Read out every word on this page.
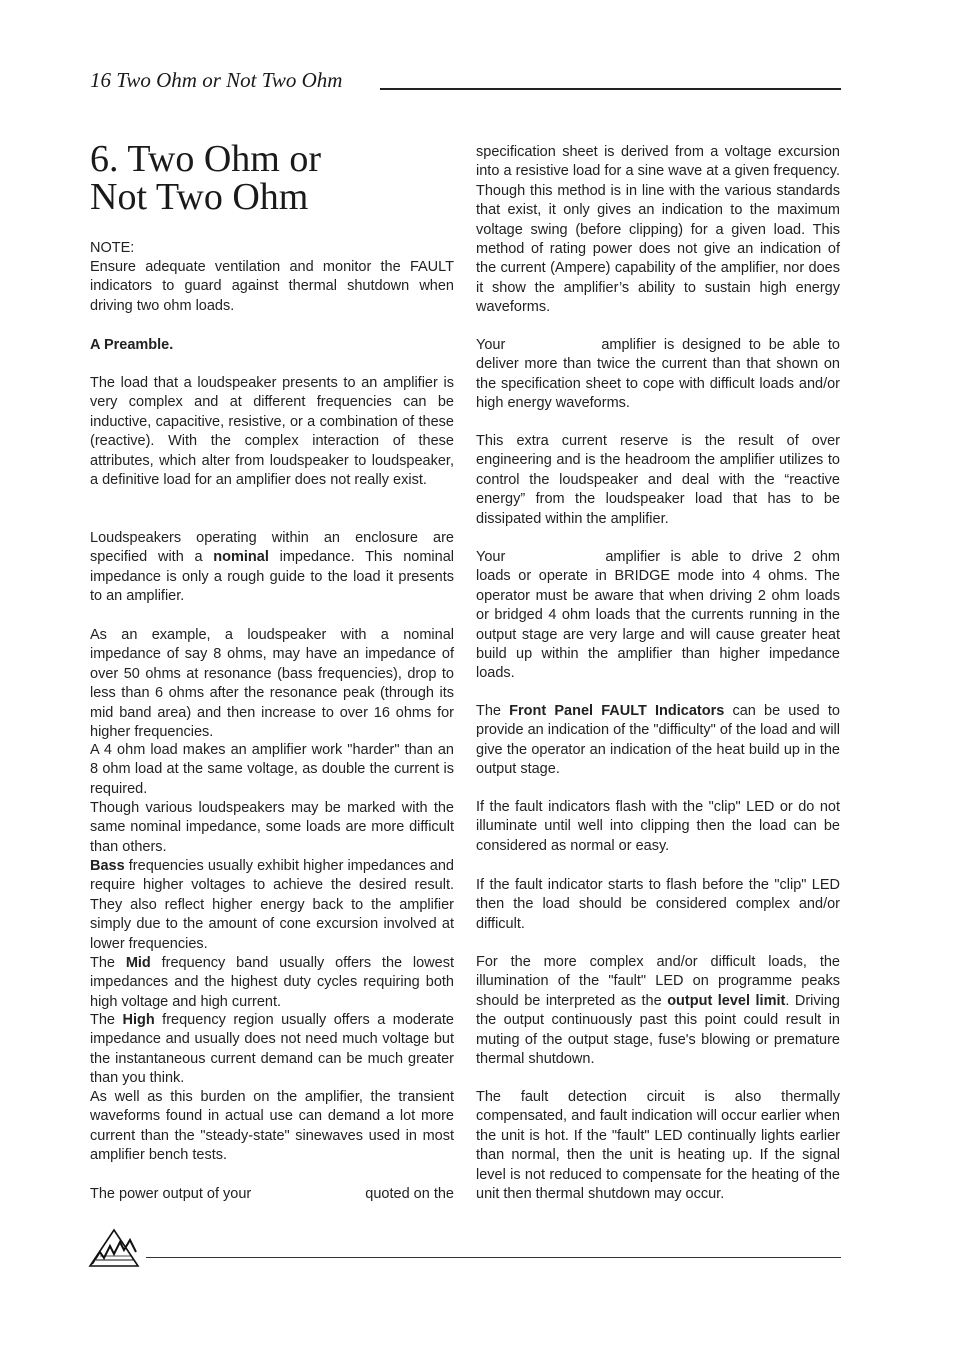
16 Two Ohm or Not Two Ohm
6. Two Ohm or
Not Two Ohm

NOTE:

Ensure adequate ventilation and monitor the FAULT indicators to guard against thermal shutdown when driving two ohm loads.

A Preamble.

The load that a loudspeaker presents to an amplifier is very complex and at different frequencies can be inductive, capacitive, resistive, or a combination of these (reactive). With the complex interaction of these attributes, which alter from loudspeaker to loudspeaker, a definitive load for an amplifier does not really exist.

Loudspeakers operating within an enclosure are specified with a nominal impedance. This nominal impedance is only a rough guide to the load it presents to an amplifier.

As an example, a loudspeaker with a nominal impedance of say 8 ohms, may have an impedance of over 50 ohms at resonance (bass frequencies), drop to less than 6 ohms after the resonance peak (through its mid band area) and then increase to over 16 ohms for higher frequencies.

A 4 ohm load makes an amplifier work "harder" than an 8 ohm load at the same voltage, as double the current is required.

Though various loudspeakers may be marked with the same nominal impedance, some loads are more difficult than others.

Bass frequencies usually exhibit higher impedances and require higher voltages to achieve the desired result. They also reflect higher energy back to the amplifier simply due to the amount of cone excursion involved at lower frequencies.

The Mid frequency band usually offers the lowest impedances and the highest duty cycles requiring both high voltage and high current.

The High frequency region usually offers a moderate impedance and usually does not need much voltage but the instantaneous current demand can be much greater than you think.

As well as this burden on the amplifier, the transient waveforms found in actual use can demand a lot more current than the "steady-state" sinewaves used in most amplifier bench tests.

The power output of your	quoted on the

specification sheet is derived from a voltage excursion into a resistive load for a sine wave at a given frequency. Though this method is in line with the various standards that exist, it only gives an indication to the maximum voltage swing (before clipping) for a given load. This method of rating power does not give an indication of the current (Ampere) capability of the amplifier, nor does it show the amplifier’s ability to sustain high energy waveforms.

Your	amplifier is designed to be able to deliver more than twice the current than that shown on the specification sheet to cope with difficult loads and/or high energy waveforms.

This extra current reserve is the result of over engineering and is the headroom the amplifier utilizes to control the loudspeaker and deal with the “reactive energy” from the loudspeaker load that has to be dissipated within the amplifier.

Your	amplifier is able to drive 2 ohm loads or operate in BRIDGE mode into 4 ohms. The operator must be aware that when driving 2 ohm loads or bridged 4 ohm loads that the currents running in the output stage are very large and will cause greater heat build up within the amplifier than higher impedance loads.

The Front Panel FAULT Indicators can be used to provide an indication of the "difficulty" of the load and will give the operator an indication of the heat build up in the output stage.

If the fault indicators flash with the "clip" LED or do not illuminate until well into clipping then the load can be considered as normal or easy.

If the fault indicator starts to flash before the "clip" LED then the load should be considered complex and/or difficult.

For the more complex and/or difficult loads, the illumination of the "fault" LED on programme peaks should be interpreted as the output level limit. Driving the output continuously past this point could result in muting of the output stage, fuse's blowing or premature thermal shutdown.

The fault detection circuit is also thermally compensated, and fault indication will occur earlier when the unit is hot. If the "fault" LED continually lights earlier than normal, then the unit is heating up. If the signal level is not reduced to compensate for the heating of the unit then thermal shutdown may occur.
